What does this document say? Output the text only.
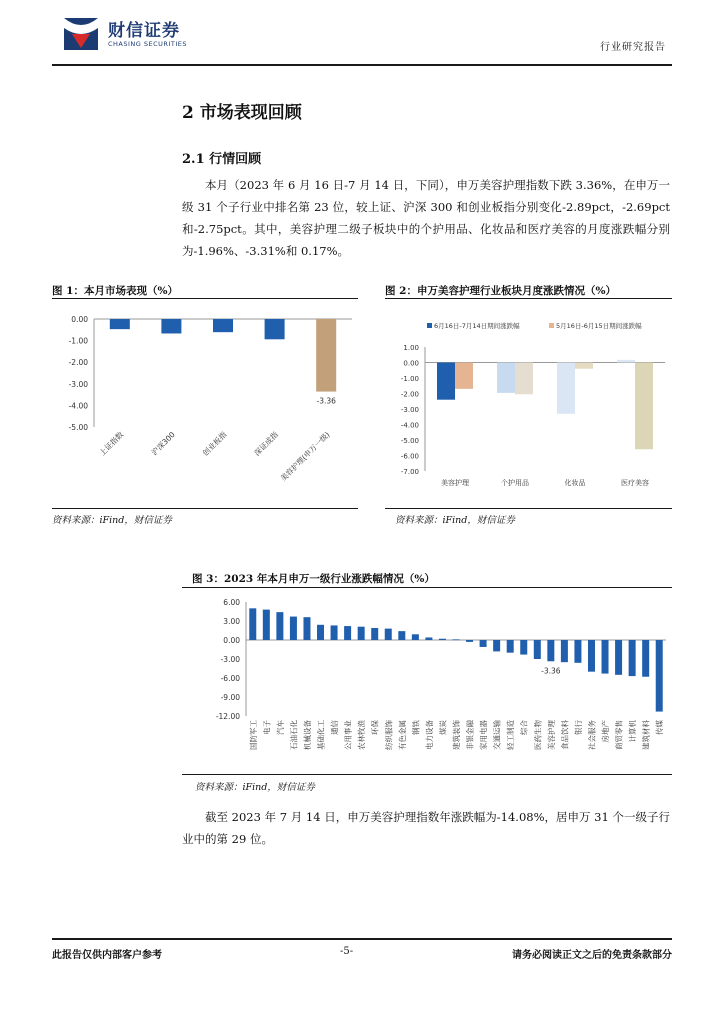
财信证券
CHASING SECURITIES	行业研究报告
2 市场表现回顾
2.1 行情回顾

本月（2023 年 6 月 16 日-7 月 14 日，下同），申万美容护理指数下跌 3.36%，在申万一级 31 个子行业中排名第 23 位，较上证、沪深 300 和创业板指分别变化-2.89pct，-2.69pct 和-2.75pct。其中，美容护理二级子板块中的个护用品、化妆品和医疗美容的月度涨跌幅分别为-1.96%、-3.31%和 0.17%。

图 1：本月市场表现（%）
0.00
-1.00
-2.00
-3.00
-4.00
-5.00
上证指数	沪深300	创业板指	深证成指
美容护理(申万一级)
-3.36
资料来源：iFind，财信证券
图 2：申万美容护理行业板块月度涨跌情况（%）
6月16日-7月14日期间涨跌幅	5月16日-6月15日期间涨跌幅
1.00
0.00
-1.00
-2.00
-3.00
-4.00
-5.00
-6.00
-7.00
美容护理	个护用品	化妆品	医疗美容
资料来源：iFind，财信证券
图 3：2023 年本月申万一级行业涨跌幅情况（%）
6.00
3.00
0.00
-3.00
-6.00
-9.00
-12.00
国防军工 电子 汽车 石油石化 机械设备 基础化工 通信 公用事业 农林牧渔 环保 纺织服饰 有色金属 钢铁 电力设备 煤炭 建筑装饰 非银金融 家用电器 交通运输 轻工制造 综合 医药生物 美容护理 食品饮料 银行 社会服务 房地产 商贸零售 计算机 建筑材料 传媒
-3.36
资料来源：iFind，财信证券

截至 2023 年 7 月 14 日，申万美容护理指数年涨跌幅为-14.08%，居申万 31 个一级子行业中的第 29 位。

此报告仅供内部客户参考	-5-	请务必阅读正文之后的免责条款部分
